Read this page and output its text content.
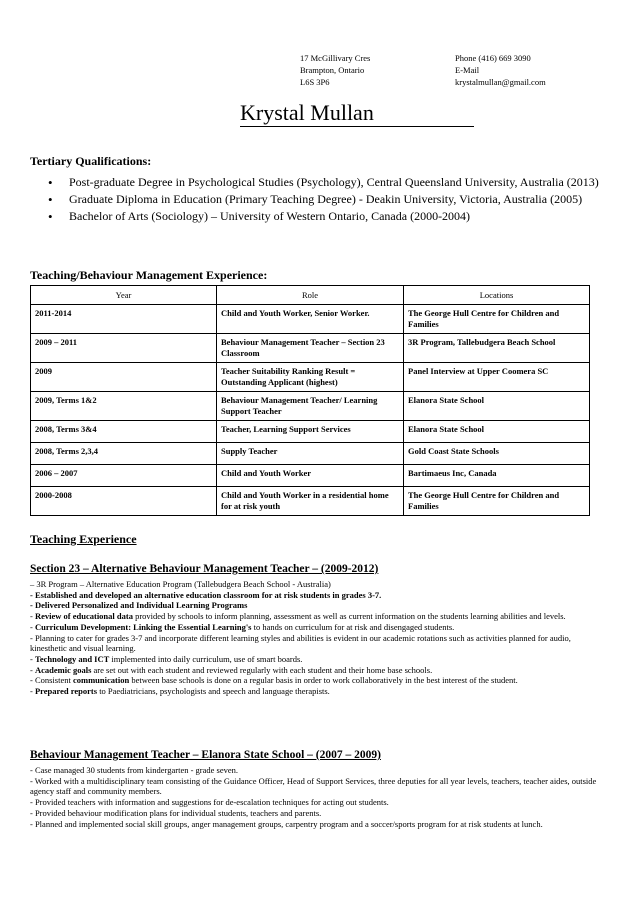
17 McGillivary Cres
Brampton, Ontario
L6S 3P6
Phone (416) 669 3090
E-Mail
krystalmullan@gmail.com
Krystal Mullan
Tertiary Qualifications:
• Post-graduate Degree in Psychological Studies (Psychology), Central Queensland University, Australia (2013)
• Graduate Diploma in Education (Primary Teaching Degree) - Deakin University, Victoria, Australia (2005)
• Bachelor of Arts (Sociology) – University of Western Ontario, Canada (2000-2004)
Teaching/Behaviour Management Experience:
Year	Role	Locations
2011-2014	Child and Youth Worker, Senior Worker.	The George Hull Centre for Children and Families
2009 – 2011	Behaviour Management Teacher – Section 23 Classroom	3R Program, Tallebudgera Beach School
2009	Teacher Suitability Ranking Result = Outstanding Applicant (highest)	Panel Interview at Upper Coomera SC
2009, Terms 1&2	Behaviour Management Teacher/ Learning Support Teacher	Elanora State School
2008, Terms 3&4	Teacher, Learning Support Services	Elanora State School
2008, Terms 2,3,4	Supply Teacher	Gold Coast State Schools
2006 – 2007	Child and Youth Worker	Bartimaeus Inc, Canada
2000-2008	Child and Youth Worker in a residential home for at risk youth	The George Hull Centre for Children and Families
Teaching Experience
Section 23 – Alternative Behaviour Management Teacher – (2009-2012)

– 3R Program – Alternative Education Program (Tallebudgera Beach School - Australia)

- Established and developed an alternative education classroom for at risk students in grades 3-7.

- Delivered Personalized and Individual Learning Programs

- Review of educational data provided by schools to inform planning, assessment as well as current information on the students learning abilities and levels.

- Curriculum Development: Linking the Essential Learning's to hands on curriculum for at risk and disengaged students.

- Planning to cater for grades 3-7 and incorporate different learning styles and abilities is evident in our academic rotations such as activities planned for audio, kinesthetic and visual learning.

- Technology and ICT implemented into daily curriculum, use of smart boards.

- Academic goals are set out with each student and reviewed regularly with each student and their home base schools.

- Consistent communication between base schools is done on a regular basis in order to work collaboratively in the best interest of the student.

- Prepared reports to Paediatricians, psychologists and speech and language therapists.

Behaviour Management Teacher – Elanora State School – (2007 – 2009)

- Case managed 30 students from kindergarten - grade seven.

- Worked with a multidisciplinary team consisting of the Guidance Officer, Head of Support Services, three deputies for all year levels, teachers, teacher aides, outside agency staff and community members.

- Provided teachers with information and suggestions for de-escalation techniques for acting out students.

- Provided behaviour modification plans for individual students, teachers and parents.

- Planned and implemented social skill groups, anger management groups, carpentry program and a soccer/sports program for at risk students at lunch.
